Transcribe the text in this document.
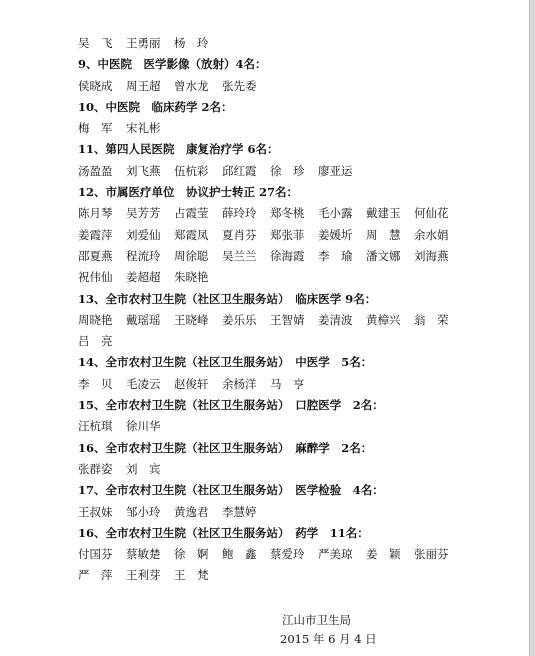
吴　飞 王勇丽 杨　玲
9、中医院　医学影像（放射）4名：
侯晓成 周王超 曾水龙 张先委
10、中医院　临床药学 2名：
梅　军 宋礼彬
11、第四人民医院　康复治疗学 6名：
汤盈盈 刘飞燕 伍杭彩 邱红霞 徐　珍 廖亚运
12、市属医疗单位　协议护士转正 27名：
陈月琴 吴芳芳 占霞莹 薛玲玲 郑冬桃 毛小露 戴建玉 何仙花
姜霞萍 刘爱仙 郑霞凤 夏肖芬 郑张菲 姜媛圻 周　慧 余水娟
邵夏燕 程流玲 周徐聪 吴兰兰 徐海霞 李　瑜 潘文娜 刘海燕
祝伟仙 姜超超 朱晓艳
13、全市农村卫生院（社区卫生服务站）　临床医学 9名：
周晓艳 戴瑶瑶 王晓峰 姜乐乐 王智婧 姜清波 黄樟兴 翁　荣
吕　亮
14、全市农村卫生院（社区卫生服务站）　中医学　5名：
李　贝 毛凌云 赵俊轩 余杨洋 马　亨
15、全市农村卫生院（社区卫生服务站）　口腔医学　2名：
汪杭琪 徐川华
16、全市农村卫生院（社区卫生服务站）　麻醉学　2名：
张群姿 刘　宾
17、全市农村卫生院（社区卫生服务站）　医学检验　4名：
王叔妹 邹小玲 黄逸君 李慧婷
16、全市农村卫生院（社区卫生服务站）　药学　11名：
付国芬 蔡敏楚 徐　婀 鲍　鑫 蔡爱玲 严美琼 姜　颖 张丽芬
严　萍 王利芽 王　梵
江山市卫生局
2015 年 6 月 4 日
